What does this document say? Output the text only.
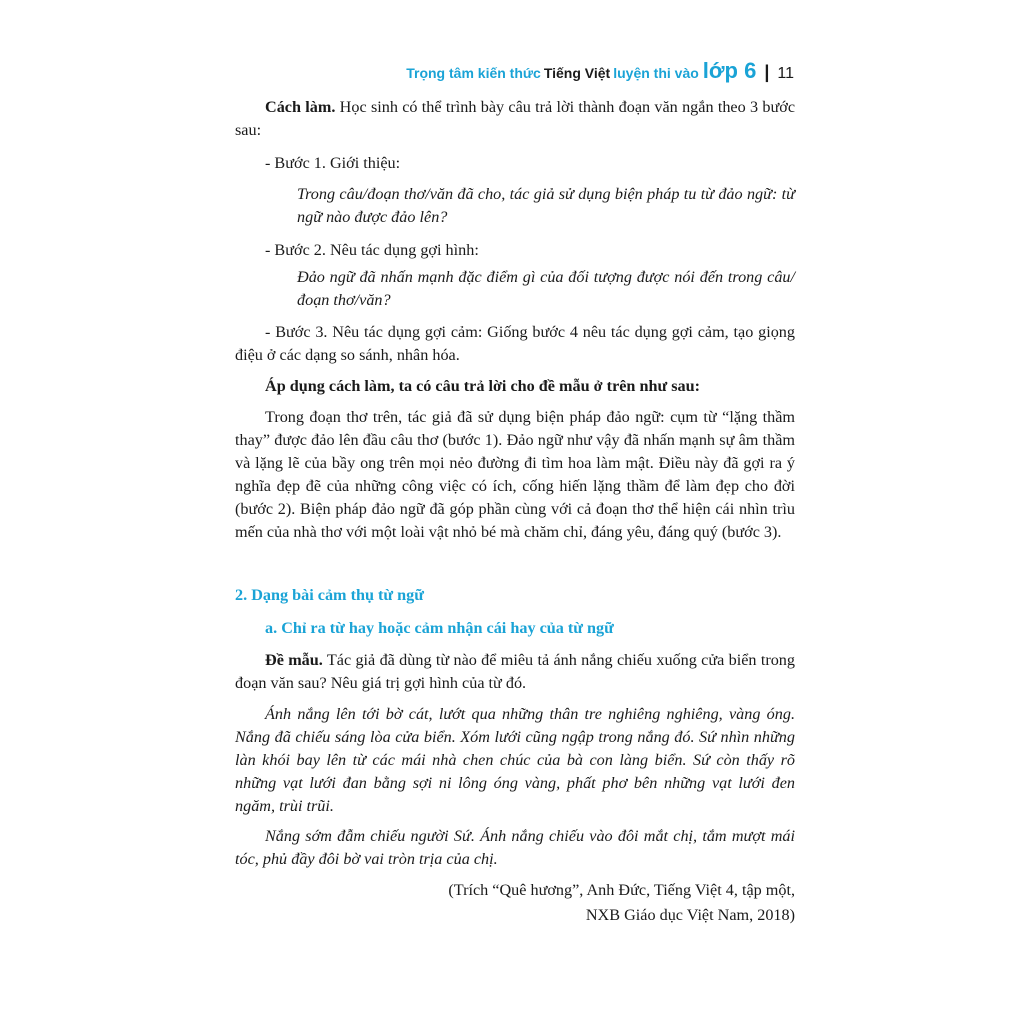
Trọng tâm kiến thức Tiếng Việt luyện thi vào lớp 6 | 11

Cách làm. Học sinh có thể trình bày câu trả lời thành đoạn văn ngắn theo 3 bước sau:

- Bước 1. Giới thiệu:

Trong câu/đoạn thơ/văn đã cho, tác giả sử dụng biện pháp tu từ đảo ngữ: từ ngữ nào được đảo lên?

- Bước 2. Nêu tác dụng gợi hình:

Đảo ngữ đã nhấn mạnh đặc điểm gì của đối tượng được nói đến trong câu/đoạn thơ/văn?

- Bước 3. Nêu tác dụng gợi cảm: Giống bước 4 nêu tác dụng gợi cảm, tạo giọng điệu ở các dạng so sánh, nhân hóa.

Áp dụng cách làm, ta có câu trả lời cho đề mẫu ở trên như sau:

Trong đoạn thơ trên, tác giả đã sử dụng biện pháp đảo ngữ: cụm từ “lặng thầm thay” được đảo lên đầu câu thơ (bước 1). Đảo ngữ như vậy đã nhấn mạnh sự âm thầm và lặng lẽ của bầy ong trên mọi nẻo đường đi tìm hoa làm mật. Điều này đã gợi ra ý nghĩa đẹp đẽ của những công việc có ích, cống hiến lặng thầm để làm đẹp cho đời (bước 2). Biện pháp đảo ngữ đã góp phần cùng với cả đoạn thơ thể hiện cái nhìn trìu mến của nhà thơ với một loài vật nhỏ bé mà chăm chỉ, đáng yêu, đáng quý (bước 3).

2. Dạng bài cảm thụ từ ngữ

a. Chỉ ra từ hay hoặc cảm nhận cái hay của từ ngữ

Đề mẫu. Tác giả đã dùng từ nào để miêu tả ánh nắng chiếu xuống cửa biển trong đoạn văn sau? Nêu giá trị gợi hình của từ đó.

Ánh nắng lên tới bờ cát, lướt qua những thân tre nghiêng nghiêng, vàng óng. Nắng đã chiếu sáng lòa cửa biển. Xóm lưới cũng ngập trong nắng đó. Sứ nhìn những làn khói bay lên từ các mái nhà chen chúc của bà con làng biển. Sứ còn thấy rõ những vạt lưới đan bằng sợi ni lông óng vàng, phất phơ bên những vạt lưới đen ngăm, trùi trũi.

Nắng sớm đẫm chiếu người Sứ. Ánh nắng chiếu vào đôi mắt chị, tắm mượt mái tóc, phủ đầy đôi bờ vai tròn trịa của chị.

(Trích “Quê hương”, Anh Đức, Tiếng Việt 4, tập một,

NXB Giáo dục Việt Nam, 2018)
